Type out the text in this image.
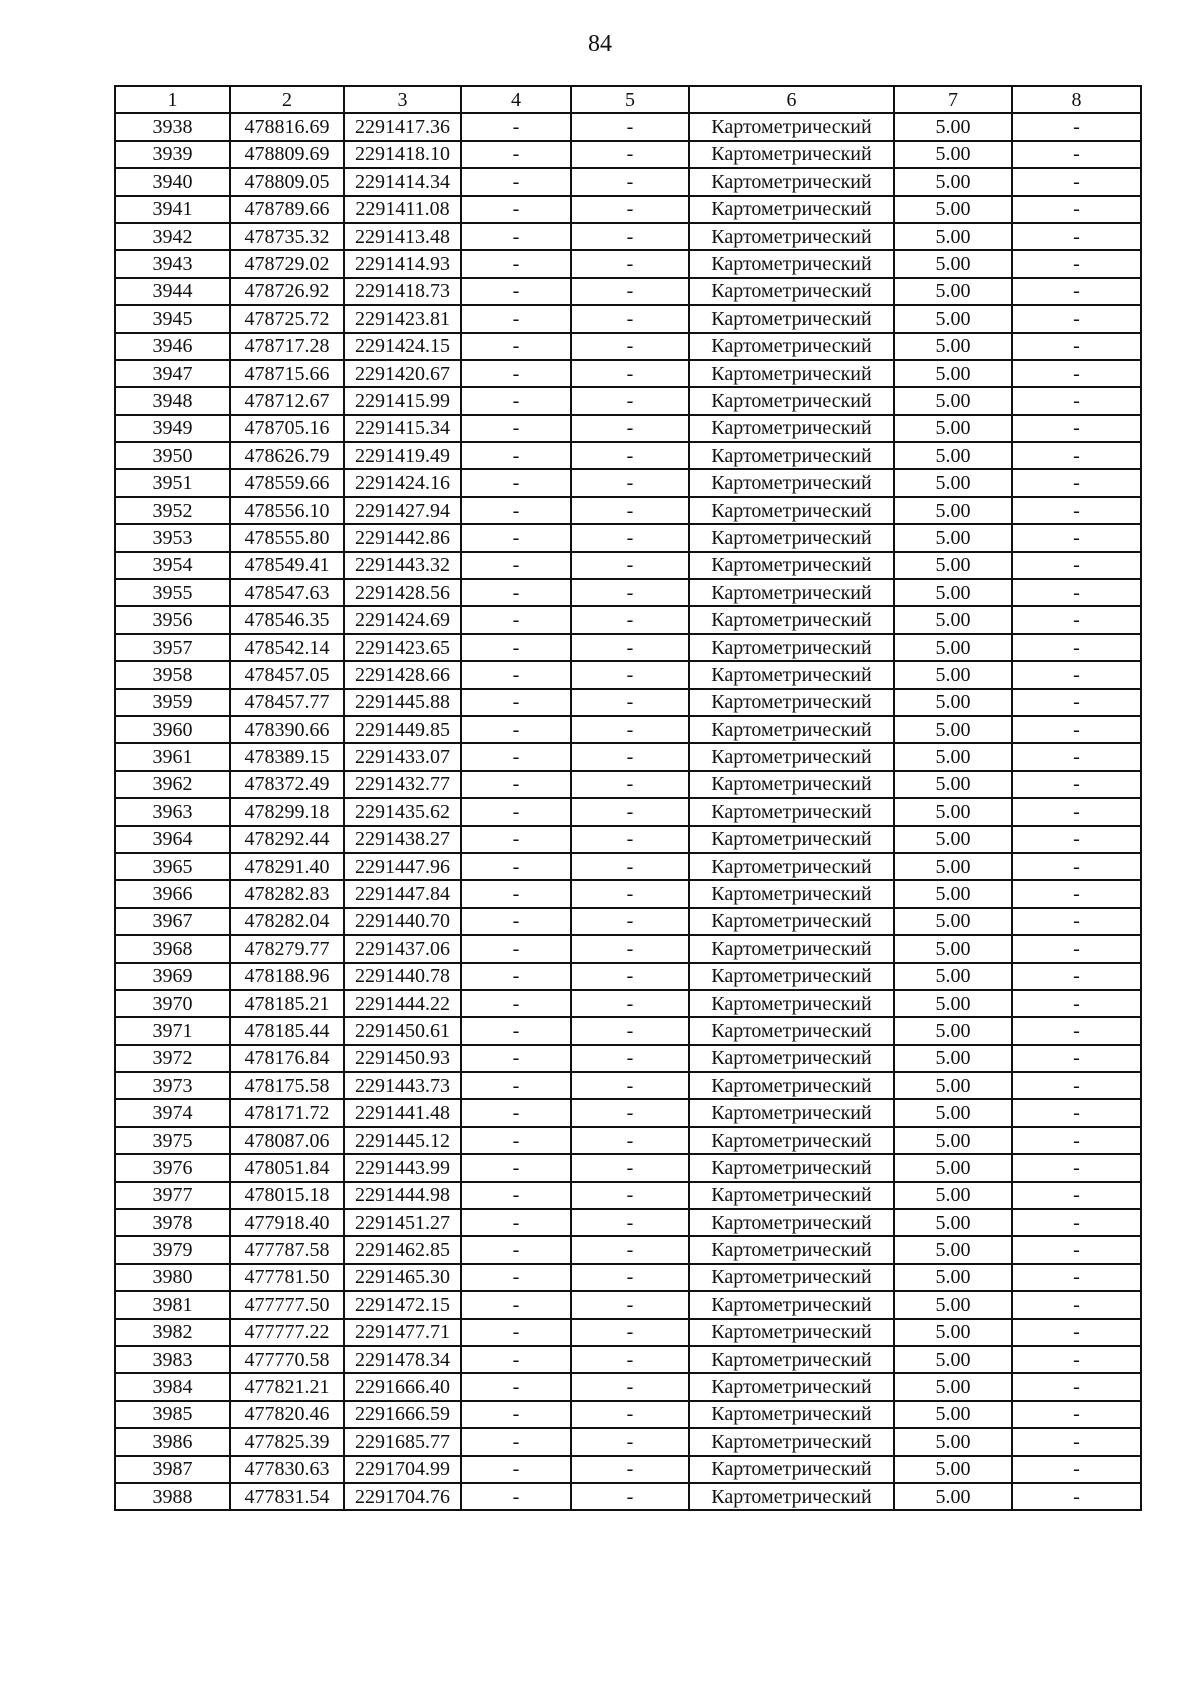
84
1	2	3	4	5	6	7	8
3938	478816.69	2291417.36	-	-	Картометрический	5.00	-
3939	478809.69	2291418.10	-	-	Картометрический	5.00	-
3940	478809.05	2291414.34	-	-	Картометрический	5.00	-
3941	478789.66	2291411.08	-	-	Картометрический	5.00	-
3942	478735.32	2291413.48	-	-	Картометрический	5.00	-
3943	478729.02	2291414.93	-	-	Картометрический	5.00	-
3944	478726.92	2291418.73	-	-	Картометрический	5.00	-
3945	478725.72	2291423.81	-	-	Картометрический	5.00	-
3946	478717.28	2291424.15	-	-	Картометрический	5.00	-
3947	478715.66	2291420.67	-	-	Картометрический	5.00	-
3948	478712.67	2291415.99	-	-	Картометрический	5.00	-
3949	478705.16	2291415.34	-	-	Картометрический	5.00	-
3950	478626.79	2291419.49	-	-	Картометрический	5.00	-
3951	478559.66	2291424.16	-	-	Картометрический	5.00	-
3952	478556.10	2291427.94	-	-	Картометрический	5.00	-
3953	478555.80	2291442.86	-	-	Картометрический	5.00	-
3954	478549.41	2291443.32	-	-	Картометрический	5.00	-
3955	478547.63	2291428.56	-	-	Картометрический	5.00	-
3956	478546.35	2291424.69	-	-	Картометрический	5.00	-
3957	478542.14	2291423.65	-	-	Картометрический	5.00	-
3958	478457.05	2291428.66	-	-	Картометрический	5.00	-
3959	478457.77	2291445.88	-	-	Картометрический	5.00	-
3960	478390.66	2291449.85	-	-	Картометрический	5.00	-
3961	478389.15	2291433.07	-	-	Картометрический	5.00	-
3962	478372.49	2291432.77	-	-	Картометрический	5.00	-
3963	478299.18	2291435.62	-	-	Картометрический	5.00	-
3964	478292.44	2291438.27	-	-	Картометрический	5.00	-
3965	478291.40	2291447.96	-	-	Картометрический	5.00	-
3966	478282.83	2291447.84	-	-	Картометрический	5.00	-
3967	478282.04	2291440.70	-	-	Картометрический	5.00	-
3968	478279.77	2291437.06	-	-	Картометрический	5.00	-
3969	478188.96	2291440.78	-	-	Картометрический	5.00	-
3970	478185.21	2291444.22	-	-	Картометрический	5.00	-
3971	478185.44	2291450.61	-	-	Картометрический	5.00	-
3972	478176.84	2291450.93	-	-	Картометрический	5.00	-
3973	478175.58	2291443.73	-	-	Картометрический	5.00	-
3974	478171.72	2291441.48	-	-	Картометрический	5.00	-
3975	478087.06	2291445.12	-	-	Картометрический	5.00	-
3976	478051.84	2291443.99	-	-	Картометрический	5.00	-
3977	478015.18	2291444.98	-	-	Картометрический	5.00	-
3978	477918.40	2291451.27	-	-	Картометрический	5.00	-
3979	477787.58	2291462.85	-	-	Картометрический	5.00	-
3980	477781.50	2291465.30	-	-	Картометрический	5.00	-
3981	477777.50	2291472.15	-	-	Картометрический	5.00	-
3982	477777.22	2291477.71	-	-	Картометрический	5.00	-
3983	477770.58	2291478.34	-	-	Картометрический	5.00	-
3984	477821.21	2291666.40	-	-	Картометрический	5.00	-
3985	477820.46	2291666.59	-	-	Картометрический	5.00	-
3986	477825.39	2291685.77	-	-	Картометрический	5.00	-
3987	477830.63	2291704.99	-	-	Картометрический	5.00	-
3988	477831.54	2291704.76	-	-	Картометрический	5.00	-
